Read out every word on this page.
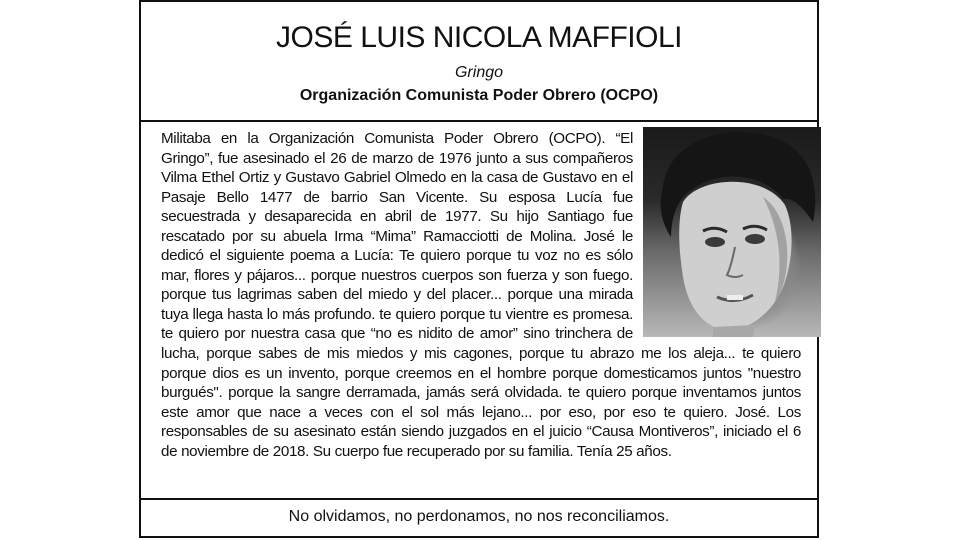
JOSÉ LUIS NICOLA MAFFIOLI
Gringo
Organización Comunista Poder Obrero (OCPO)
Militaba en la Organización Comunista Poder Obrero (OCPO). “El Gringo”, fue asesinado el 26 de marzo de 1976 junto a sus compañeros Vilma Ethel Ortiz y Gustavo Gabriel Olmedo en la casa de Gustavo en el Pasaje Bello 1477 de barrio San Vicente. Su esposa Lucía fue secuestrada y desaparecida en abril de 1977. Su hijo Santiago fue rescatado por su abuela Irma “Mima” Ramacciotti de Molina. José le dedicó el siguiente poema a Lucía: Te quiero porque tu voz no es sólo mar, flores y pájaros... porque nuestros cuerpos son fuerza y son fuego. porque tus lagrimas saben del miedo y del placer... porque una mirada tuya llega hasta lo más profundo. te quiero porque tu vientre es promesa. te quiero por nuestra casa que “no es nidito de amor” sino trinchera de lucha, porque sabes de mis miedos y mis cagones, porque tu abrazo me los aleja... te quiero porque dios es un invento, porque creemos en el hombre porque domesticamos juntos "nuestro burgués". porque la sangre derramada, jamás será olvidada. te quiero porque inventamos juntos este amor que nace a veces con el sol más lejano... por eso, por eso te quiero. José. Los responsables de su asesinato están siendo juzgados en el juicio “Causa Montiveros”, iniciado el 6 de noviembre de 2018. Su cuerpo fue recuperado por su familia. Tenía 25 años.
No olvidamos, no perdonamos, no nos reconciliamos.
